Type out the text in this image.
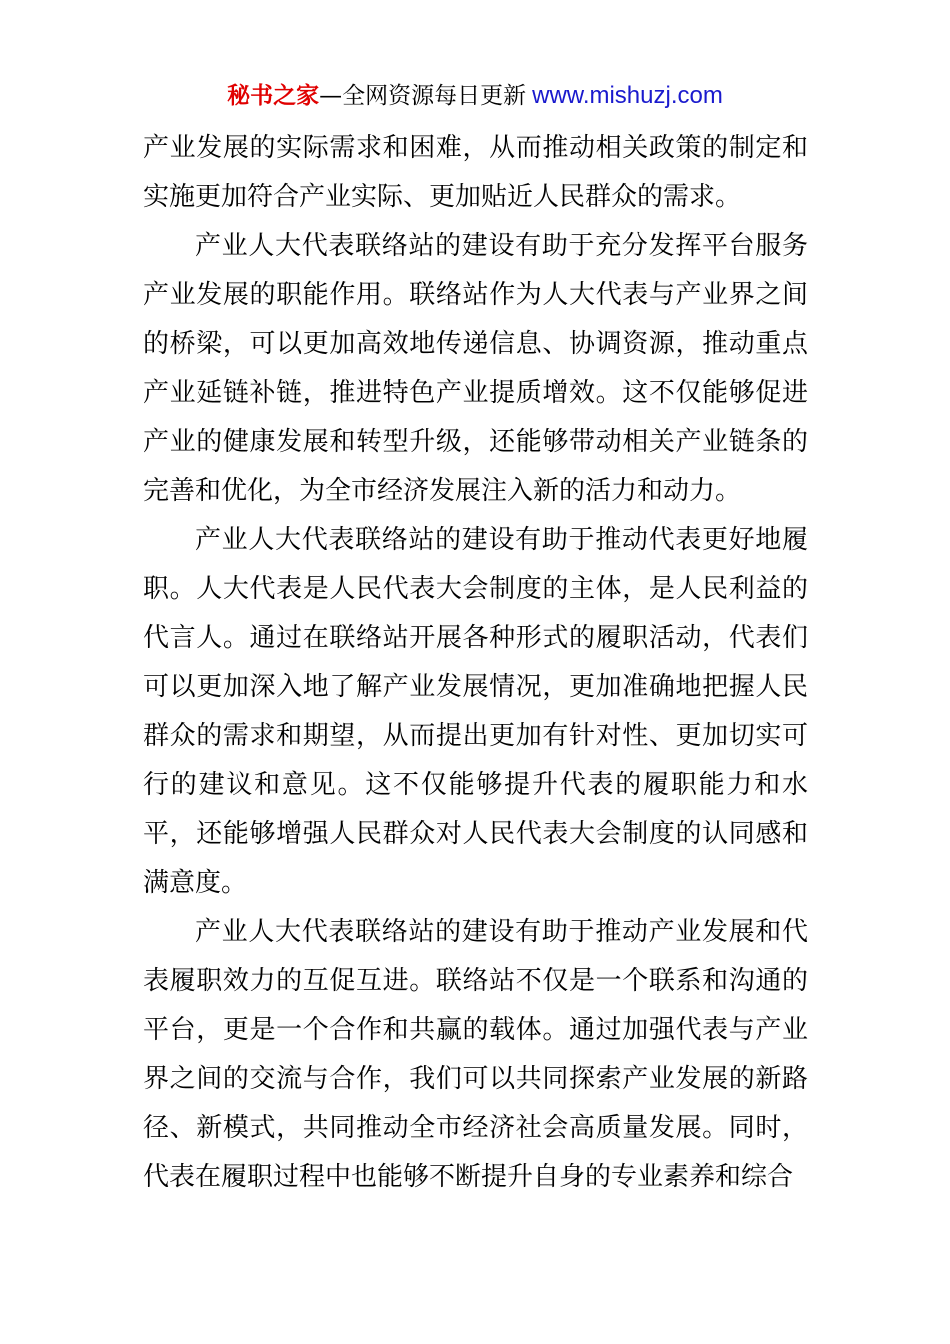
秘书之家—全网资源每日更新 www.mishuzj.com

产业发展的实际需求和困难，从而推动相关政策的制定和实施更加符合产业实际、更加贴近人民群众的需求。

产业人大代表联络站的建设有助于充分发挥平台服务产业发展的职能作用。联络站作为人大代表与产业界之间的桥梁，可以更加高效地传递信息、协调资源，推动重点产业延链补链，推进特色产业提质增效。这不仅能够促进产业的健康发展和转型升级，还能够带动相关产业链条的完善和优化，为全市经济发展注入新的活力和动力。

产业人大代表联络站的建设有助于推动代表更好地履职。人大代表是人民代表大会制度的主体，是人民利益的代言人。通过在联络站开展各种形式的履职活动，代表们可以更加深入地了解产业发展情况，更加准确地把握人民群众的需求和期望，从而提出更加有针对性、更加切实可行的建议和意见。这不仅能够提升代表的履职能力和水平，还能够增强人民群众对人民代表大会制度的认同感和满意度。

产业人大代表联络站的建设有助于推动产业发展和代表履职效力的互促互进。联络站不仅是一个联系和沟通的平台，更是一个合作和共赢的载体。通过加强代表与产业界之间的交流与合作，我们可以共同探索产业发展的新路径、新模式，共同推动全市经济社会高质量发展。同时，代表在履职过程中也能够不断提升自身的专业素养和综合
